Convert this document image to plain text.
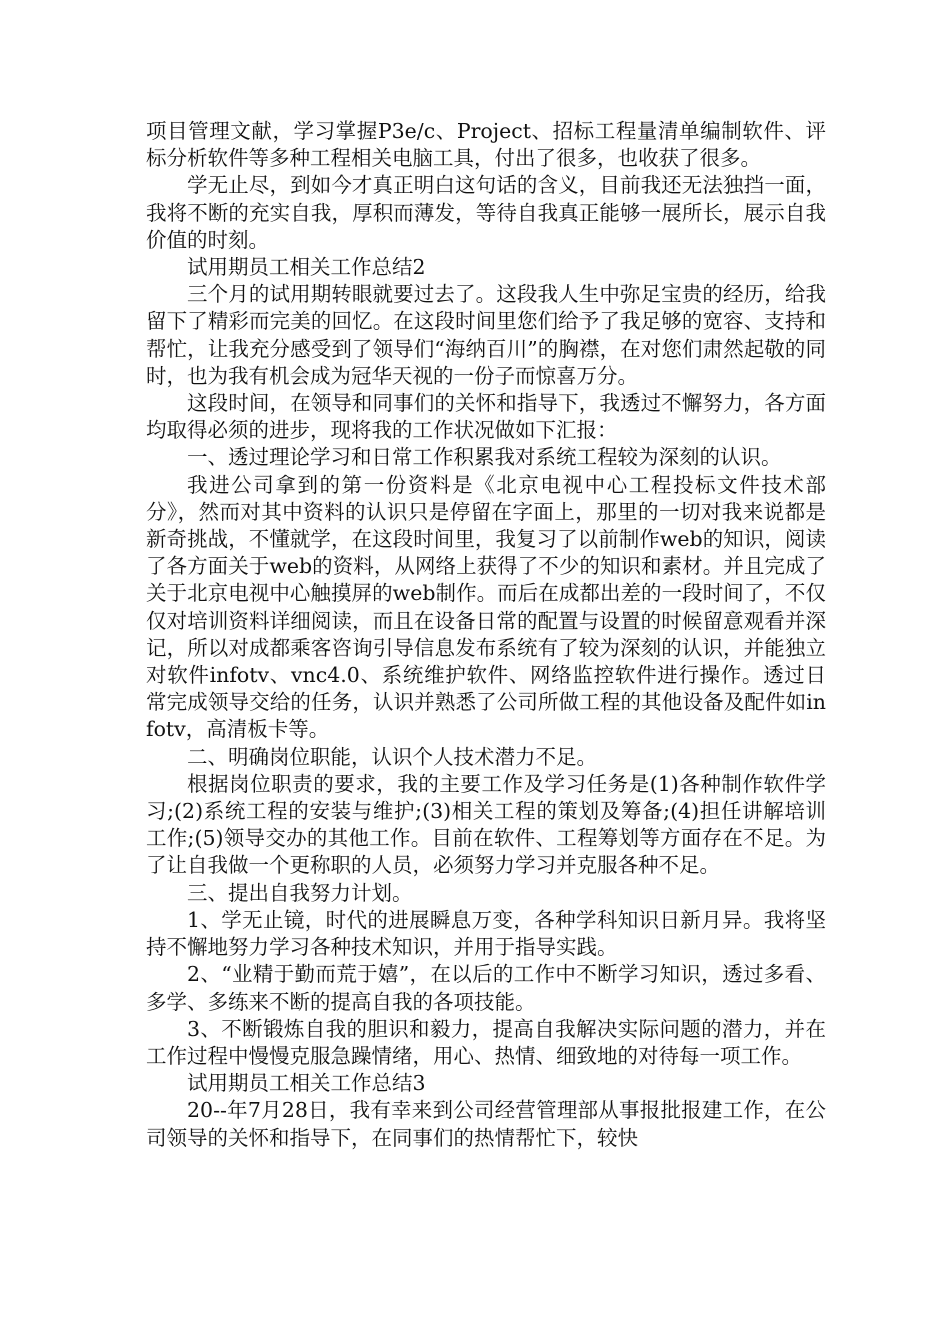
项目管理文献，学习掌握P3e/c、Project、招标工程量清单编制软件、评标分析软件等多种工程相关电脑工具，付出了很多，也收获了很多。

学无止尽，到如今才真正明白这句话的含义，目前我还无法独挡一面，我将不断的充实自我，厚积而薄发，等待自我真正能够一展所长，展示自我价值的时刻。

试用期员工相关工作总结2

三个月的试用期转眼就要过去了。这段我人生中弥足宝贵的经历，给我留下了精彩而完美的回忆。在这段时间里您们给予了我足够的宽容、支持和帮忙，让我充分感受到了领导们“海纳百川”的胸襟，在对您们肃然起敬的同时，也为我有机会成为冠华天视的一份子而惊喜万分。

这段时间，在领导和同事们的关怀和指导下，我透过不懈努力，各方面均取得必须的进步，现将我的工作状况做如下汇报：

一、透过理论学习和日常工作积累我对系统工程较为深刻的认识。

我进公司拿到的第一份资料是《北京电视中心工程投标文件技术部分》，然而对其中资料的认识只是停留在字面上，那里的一切对我来说都是新奇挑战，不懂就学，在这段时间里，我复习了以前制作web的知识，阅读了各方面关于web的资料，从网络上获得了不少的知识和素材。并且完成了关于北京电视中心触摸屏的web制作。而后在成都出差的一段时间了，不仅仅对培训资料详细阅读，而且在设备日常的配置与设置的时候留意观看并深记，所以对成都乘客咨询引导信息发布系统有了较为深刻的认识，并能独立对软件infotv、vnc4.0、系统维护软件、网络监控软件进行操作。透过日常完成领导交给的任务，认识并熟悉了公司所做工程的其他设备及配件如infotv，高清板卡等。

二、明确岗位职能，认识个人技术潜力不足。

根据岗位职责的要求，我的主要工作及学习任务是(1)各种制作软件学习;(2)系统工程的安装与维护;(3)相关工程的策划及筹备;(4)担任讲解培训工作;(5)领导交办的其他工作。目前在软件、工程筹划等方面存在不足。为了让自我做一个更称职的人员，必须努力学习并克服各种不足。

三、提出自我努力计划。

1、学无止镜，时代的进展瞬息万变，各种学科知识日新月异。我将坚持不懈地努力学习各种技术知识，并用于指导实践。

2、“业精于勤而荒于嬉”，在以后的工作中不断学习知识，透过多看、多学、多练来不断的提高自我的各项技能。

3、不断锻炼自我的胆识和毅力，提高自我解决实际问题的潜力，并在工作过程中慢慢克服急躁情绪，用心、热情、细致地的对待每一项工作。

试用期员工相关工作总结3

20--年7月28日，我有幸来到公司经营管理部从事报批报建工作，在公司领导的关怀和指导下，在同事们的热情帮忙下，较快
